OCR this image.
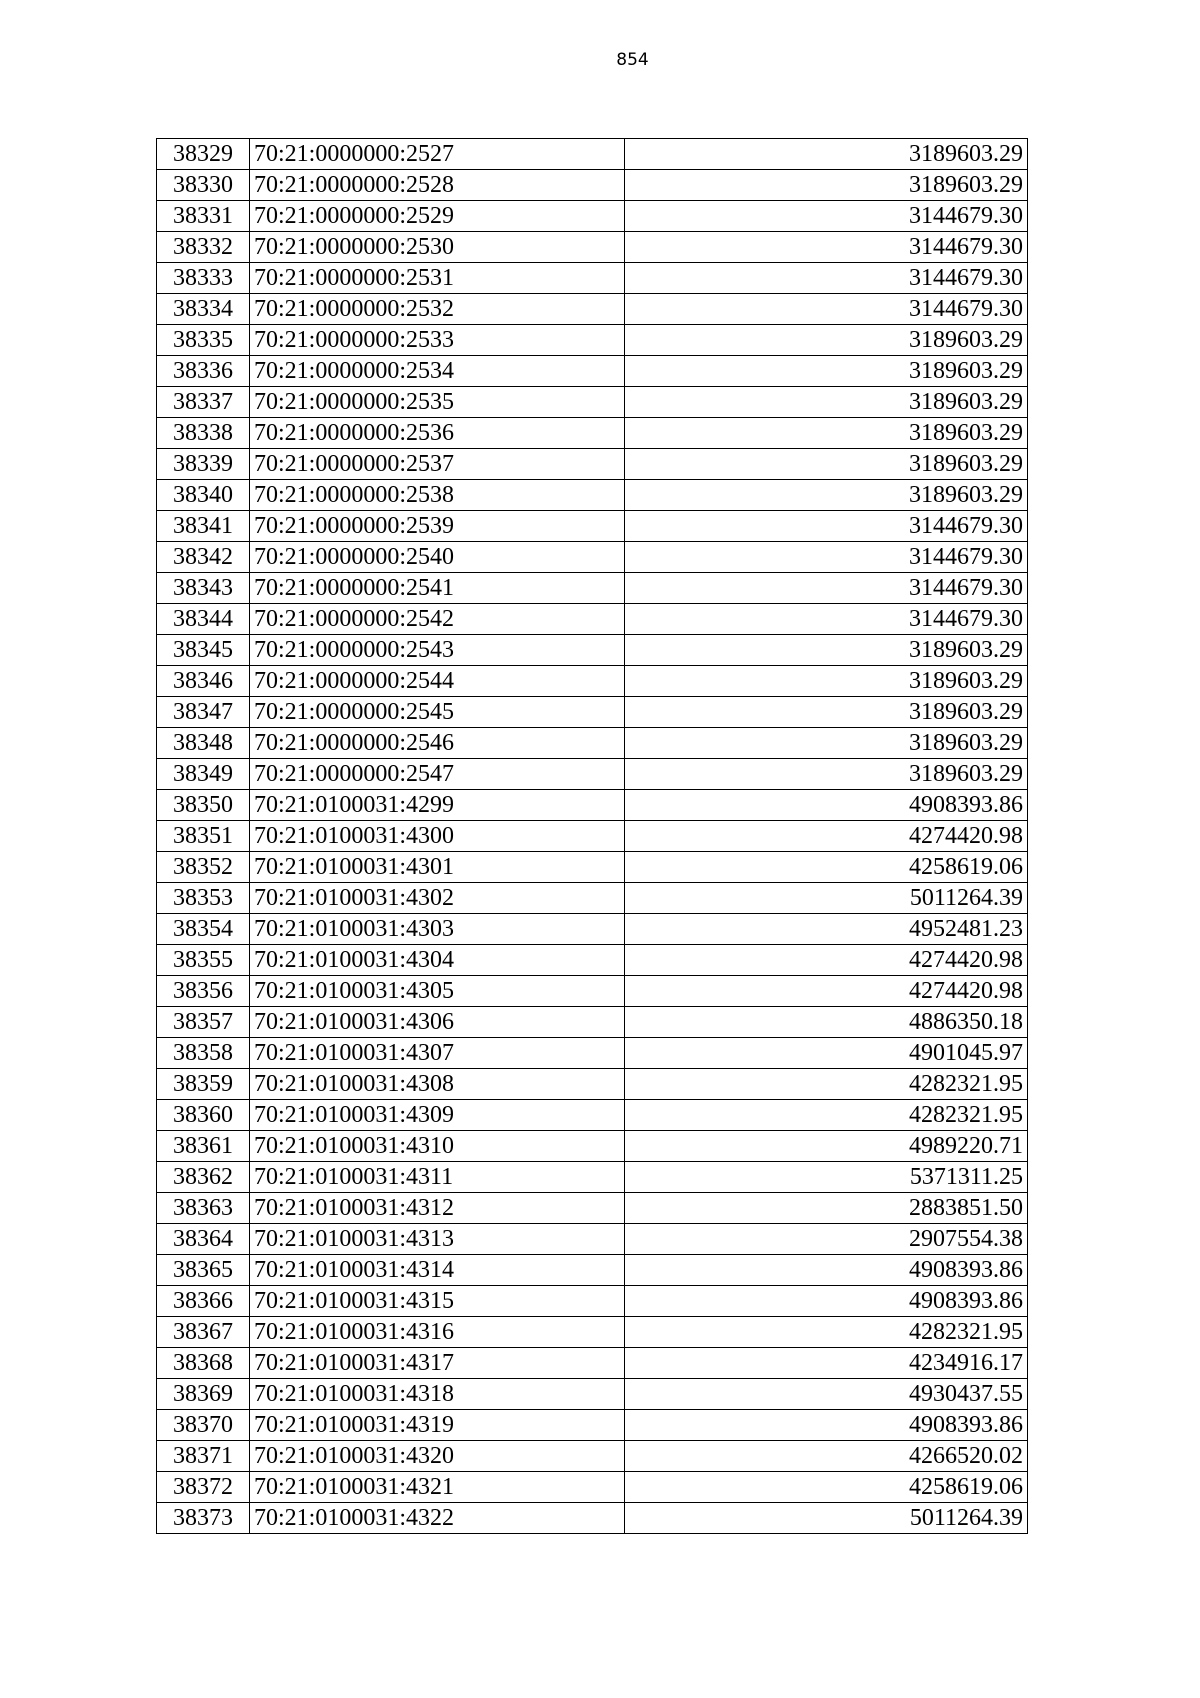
854
38329	70:21:0000000:2527	3189603.29
38330	70:21:0000000:2528	3189603.29
38331	70:21:0000000:2529	3144679.30
38332	70:21:0000000:2530	3144679.30
38333	70:21:0000000:2531	3144679.30
38334	70:21:0000000:2532	3144679.30
38335	70:21:0000000:2533	3189603.29
38336	70:21:0000000:2534	3189603.29
38337	70:21:0000000:2535	3189603.29
38338	70:21:0000000:2536	3189603.29
38339	70:21:0000000:2537	3189603.29
38340	70:21:0000000:2538	3189603.29
38341	70:21:0000000:2539	3144679.30
38342	70:21:0000000:2540	3144679.30
38343	70:21:0000000:2541	3144679.30
38344	70:21:0000000:2542	3144679.30
38345	70:21:0000000:2543	3189603.29
38346	70:21:0000000:2544	3189603.29
38347	70:21:0000000:2545	3189603.29
38348	70:21:0000000:2546	3189603.29
38349	70:21:0000000:2547	3189603.29
38350	70:21:0100031:4299	4908393.86
38351	70:21:0100031:4300	4274420.98
38352	70:21:0100031:4301	4258619.06
38353	70:21:0100031:4302	5011264.39
38354	70:21:0100031:4303	4952481.23
38355	70:21:0100031:4304	4274420.98
38356	70:21:0100031:4305	4274420.98
38357	70:21:0100031:4306	4886350.18
38358	70:21:0100031:4307	4901045.97
38359	70:21:0100031:4308	4282321.95
38360	70:21:0100031:4309	4282321.95
38361	70:21:0100031:4310	4989220.71
38362	70:21:0100031:4311	5371311.25
38363	70:21:0100031:4312	2883851.50
38364	70:21:0100031:4313	2907554.38
38365	70:21:0100031:4314	4908393.86
38366	70:21:0100031:4315	4908393.86
38367	70:21:0100031:4316	4282321.95
38368	70:21:0100031:4317	4234916.17
38369	70:21:0100031:4318	4930437.55
38370	70:21:0100031:4319	4908393.86
38371	70:21:0100031:4320	4266520.02
38372	70:21:0100031:4321	4258619.06
38373	70:21:0100031:4322	5011264.39
